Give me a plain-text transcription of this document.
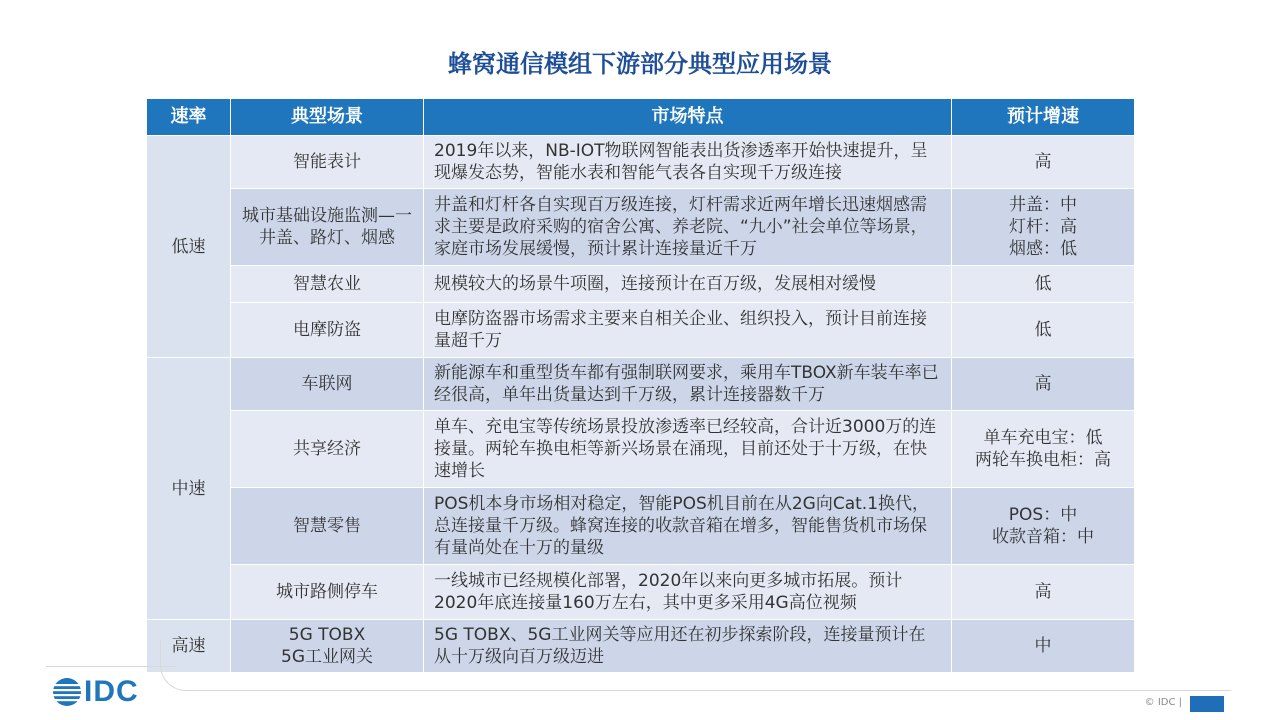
蜂窝通信模组下游部分典型应用场景
速率	典型场景	市场特点	预计增速
低速	智能表计	2019年以来，NB-IOT物联网智能表出货渗透率开始快速提升，呈现爆发态势，智能水表和智能气表各自实现千万级连接	高
	城市基础设施监测—一井盖、路灯、烟感	井盖和灯杆各自实现百万级连接，灯杆需求近两年增长迅速烟感需求主要是政府采购的宿舍公寓、养老院、“九小”社会单位等场景，家庭市场发展缓慢，预计累计连接量近千万	井盖：中
灯杆：高
烟感：低
	智慧农业	规模较大的场景牛项圈，连接预计在百万级，发展相对缓慢	低
	电摩防盗	电摩防盗器市场需求主要来自相关企业、组织投入，预计目前连接量超千万	低
中速	车联网	新能源车和重型货车都有强制联网要求，乘用车TBOX新车装车率已经很高，单年出货量达到千万级，累计连接器数千万	高
	共享经济	单车、充电宝等传统场景投放渗透率已经较高，合计近3000万的连接量。两轮车换电柜等新兴场景在涌现，目前还处于十万级，在快速增长	单车充电宝：低
两轮车换电柜：高
	智慧零售	POS机本身市场相对稳定，智能POS机目前在从2G向Cat.1换代，总连接量千万级。蜂窝连接的收款音箱在增多，智能售货机市场保有量尚处在十万的量级	POS：中
收款音箱：中
	城市路侧停车	一线城市已经规模化部署，2020年以来向更多城市拓展。预计2020年底连接量160万左右，其中更多采用4G高位视频	高
高速	5G TOBX
5G工业网关	5G TOBX、5G工业网关等应用还在初步探索阶段，连接量预计在从十万级向百万级迈进	中
IDC	© IDC |
